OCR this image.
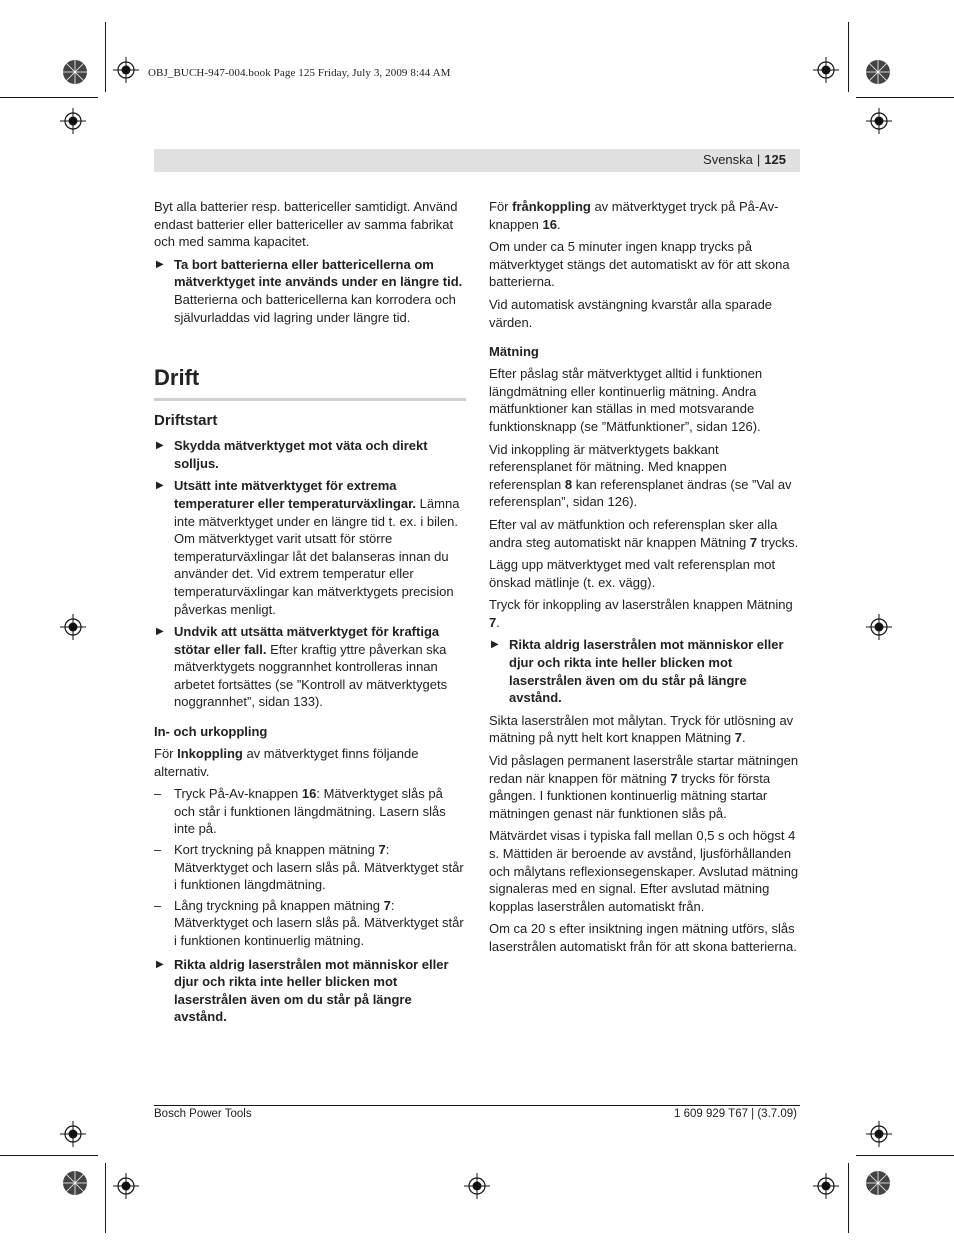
OBJ_BUCH-947-004.book Page 125 Friday, July 3, 2009 8:44 AM
Svenska | 125

Byt alla batterier resp. battericeller samtidigt. Använd endast batterier eller battericeller av samma fabrikat och med samma kapacitet.

▶ Ta bort batterierna eller battericellerna om mätverktyget inte används under en längre tid. Batterierna och battericellerna kan korrodera och självurladdas vid lagring under längre tid.
Drift
Driftstart
▶ Skydda mätverktyget mot väta och direkt solljus.
▶ Utsätt inte mätverktyget för extrema temperaturer eller temperaturväxlingar. Lämna inte mätverktyget under en längre tid t. ex. i bilen. Om mätverktyget varit utsatt för större temperaturväxlingar låt det balanseras innan du använder det. Vid extrem temperatur eller temperaturväxlingar kan mätverktygets precision påverkas menligt.
▶ Undvik att utsätta mätverktyget för kraftiga stötar eller fall. Efter kraftig yttre påverkan ska mätverktygets noggrannhet kontrolleras innan arbetet fortsättes (se ”Kontroll av mätverktygets noggrannhet”, sidan 133).
In- och urkoppling

För Inkoppling av mätverktyget finns följande alternativ.

– Tryck På-Av-knappen 16: Mätverktyget slås på och står i funktionen längdmätning. Lasern slås inte på.
– Kort tryckning på knappen mätning 7: Mätverktyget och lasern slås på. Mätverktyget står i funktionen längdmätning.
– Lång tryckning på knappen mätning 7: Mätverktyget och lasern slås på. Mätverktyget står i funktionen kontinuerlig mätning.
▶ Rikta aldrig laserstrålen mot människor eller djur och rikta inte heller blicken mot laserstrålen även om du står på längre avstånd.

För frånkoppling av mätverktyget tryck på På-Av-knappen 16.

Om under ca 5 minuter ingen knapp trycks på mätverktyget stängs det automatiskt av för att skona batterierna.

Vid automatisk avstängning kvarstår alla sparade värden.

Mätning

Efter påslag står mätverktyget alltid i funktionen längdmätning eller kontinuerlig mätning. Andra mätfunktioner kan ställas in med motsvarande funktionsknapp (se ”Mätfunktioner”, sidan 126).

Vid inkoppling är mätverktygets bakkant referensplanet för mätning. Med knappen referensplan 8 kan referensplanet ändras (se ”Val av referensplan”, sidan 126).

Efter val av mätfunktion och referensplan sker alla andra steg automatiskt när knappen Mätning 7 trycks.

Lägg upp mätverktyget med valt referensplan mot önskad mätlinje (t. ex. vägg).

Tryck för inkoppling av laserstrålen knappen Mätning 7.

▶ Rikta aldrig laserstrålen mot människor eller djur och rikta inte heller blicken mot laserstrålen även om du står på längre avstånd.

Sikta laserstrålen mot målytan. Tryck för utlösning av mätning på nytt helt kort knappen Mätning 7.

Vid påslagen permanent laserstråle startar mätningen redan när knappen för mätning 7 trycks för första gången. I funktionen kontinuerlig mätning startar mätningen genast när funktionen slås på.

Mätvärdet visas i typiska fall mellan 0,5 s och högst 4 s. Mättiden är beroende av avstånd, ljusförhållanden och målytans reflexionsegenskaper. Avslutad mätning signaleras med en signal. Efter avslutad mätning kopplas laserstrålen automatiskt från.

Om ca 20 s efter insiktning ingen mätning utförs, slås laserstrålen automatiskt från för att skona batterierna.

Bosch Power Tools	1 609 929 T67 | (3.7.09)
